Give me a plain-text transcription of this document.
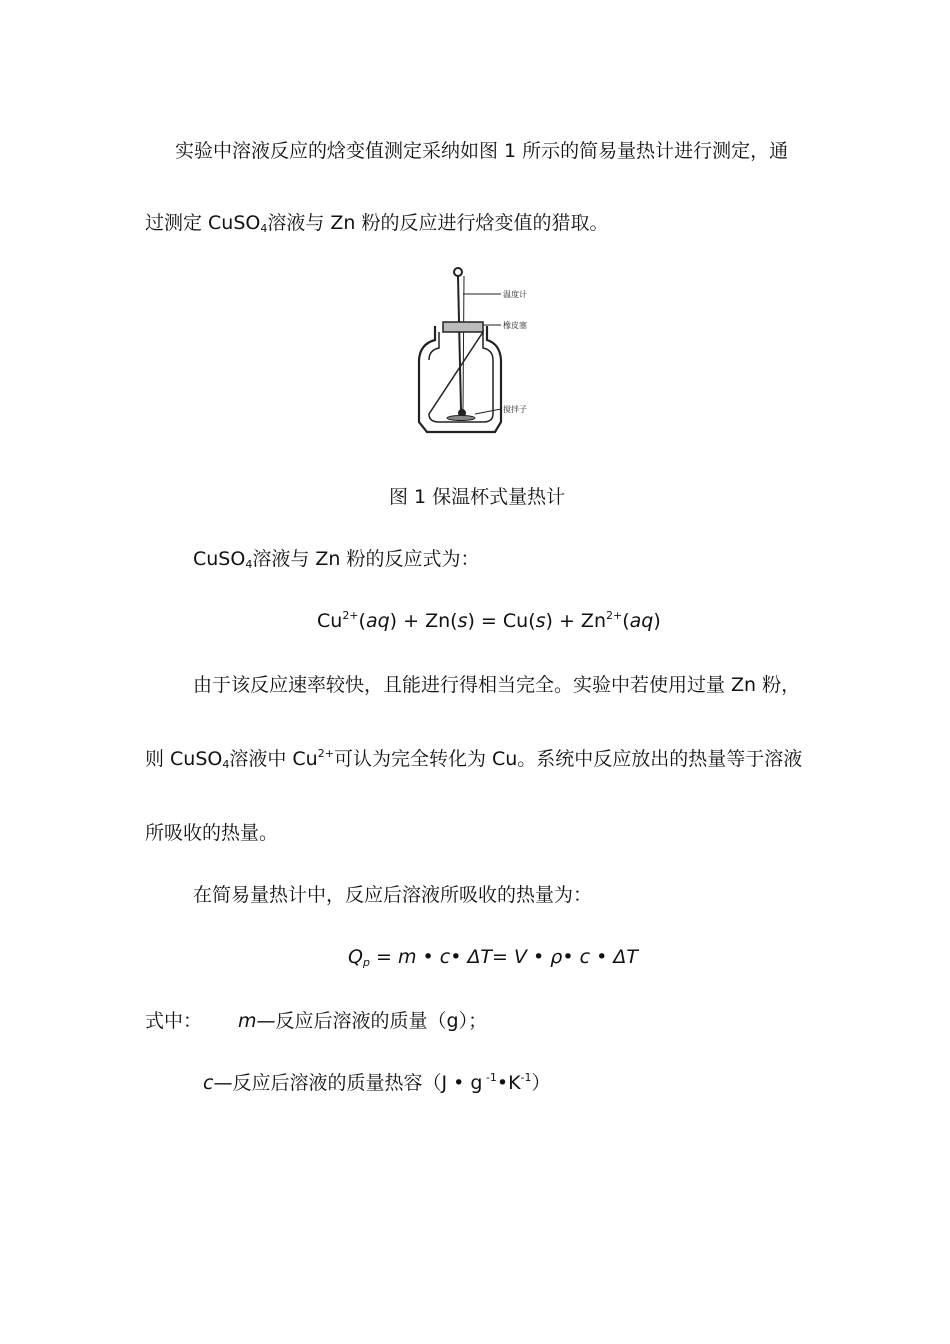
实验中溶液反应的焓变值测定采纳如图 1 所示的简易量热计进行测定，通
过测定 CuSO$_4$溶液与 Zn 粉的反应进行焓变值的猎取。
温度计
橡皮塞
搅拌子
图 1 保温杯式量热计
CuSO$_4$溶液与 Zn 粉的反应式为：
$Cu^{2+}(aq) + Zn(s) = Cu(s) + Zn^{2+}(aq)$
由于该反应速率较快，且能进行得相当完全。实验中若使用过量 Zn 粉，
则 CuSO$_4$溶液中 $Cu^{2+}$可认为完全转化为 Cu。系统中反应放出的热量等于溶液
所吸收的热量。
在简易量热计中，反应后溶液所吸收的热量为：
$Q_p = m$ • c• ΔT= V • ρ• c • ΔT
式中： m—反应后溶液的质量（g）；
c—反应后溶液的质量热容（J • g $^{-1}•K^{-1}$）
